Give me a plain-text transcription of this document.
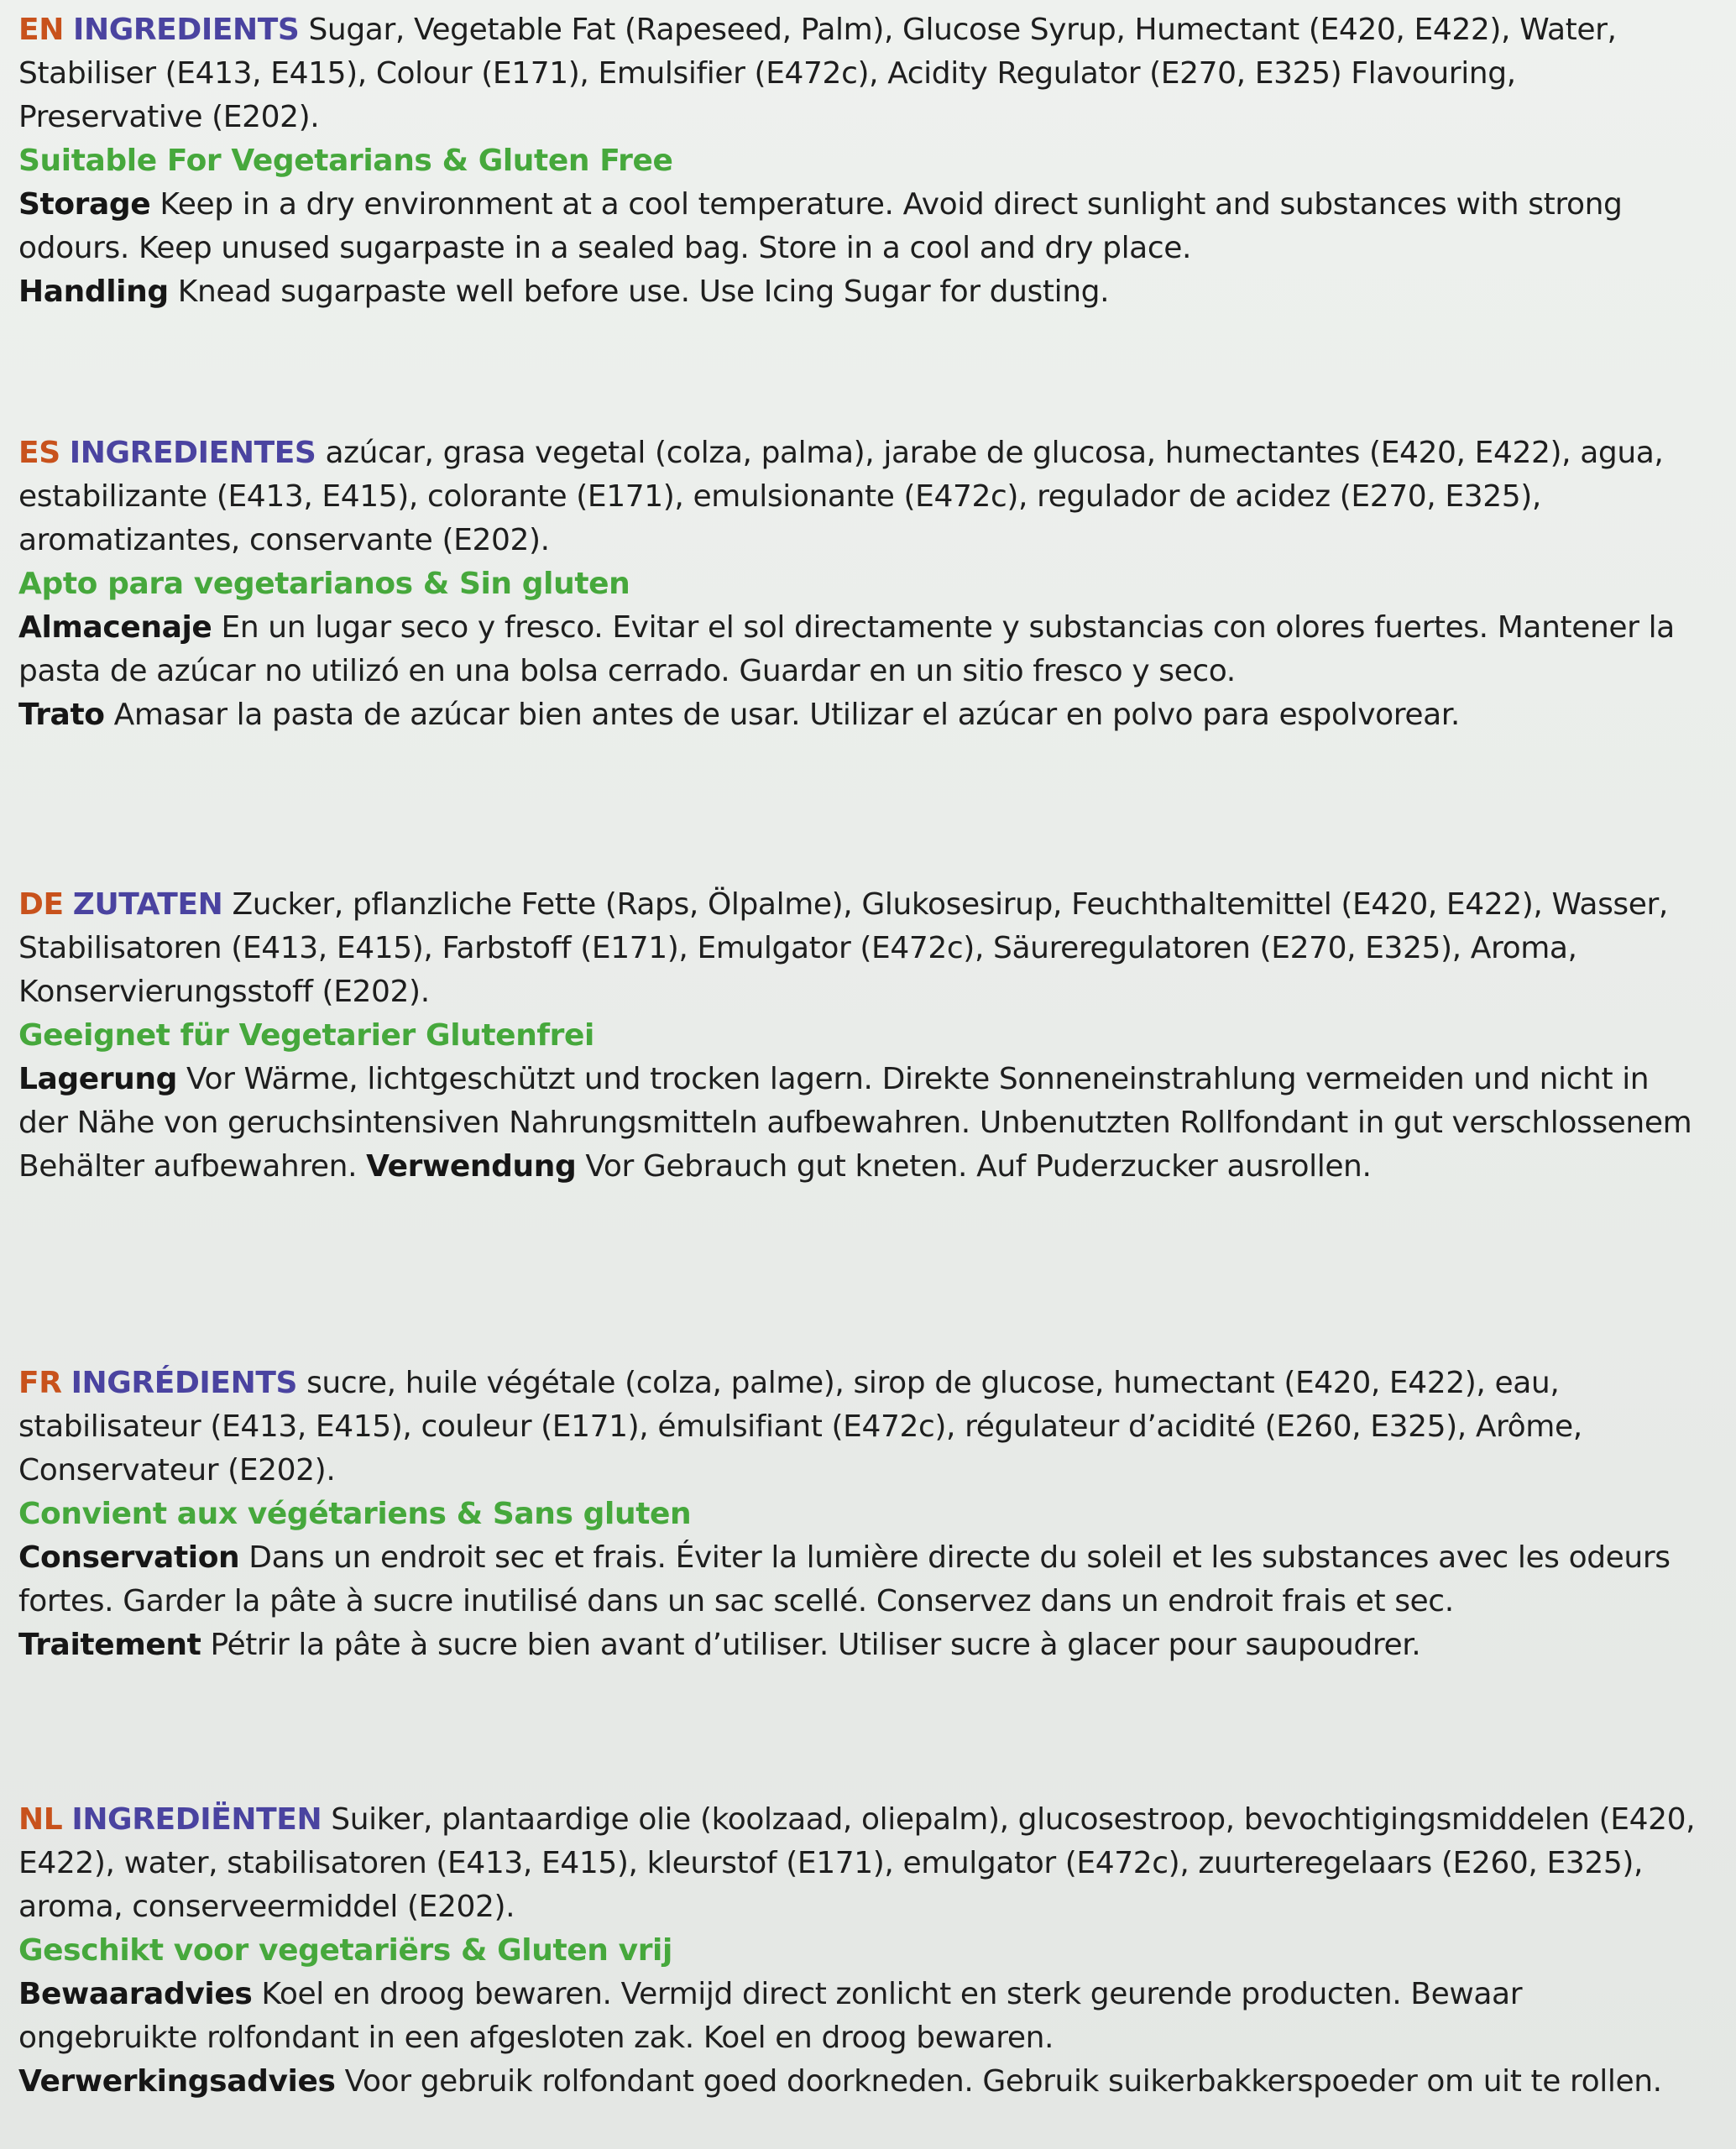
EN INGREDIENTS Sugar, Vegetable Fat (Rapeseed, Palm), Glucose Syrup, Humectant (E420, E422), Water, Stabiliser (E413, E415), Colour (E171), Emulsifier (E472c), Acidity Regulator (E270, E325) Flavouring, Preservative (E202).

Suitable For Vegetarians & Gluten Free

Storage Keep in a dry environment at a cool temperature. Avoid direct sunlight and substances with strong odours. Keep unused sugarpaste in a sealed bag. Store in a cool and dry place.

Handling Knead sugarpaste well before use. Use Icing Sugar for dusting.

ES INGREDIENTES azúcar, grasa vegetal (colza, palma), jarabe de glucosa, humectantes (E420, E422), agua, estabilizante (E413, E415), colorante (E171), emulsionante (E472c), regulador de acidez (E270, E325), aromatizantes, conservante (E202).

Apto para vegetarianos & Sin gluten

Almacenaje En un lugar seco y fresco. Evitar el sol directamente y substancias con olores fuertes. Mantener la pasta de azúcar no utilizó en una bolsa cerrado. Guardar en un sitio fresco y seco.

Trato Amasar la pasta de azúcar bien antes de usar. Utilizar el azúcar en polvo para espolvorear.

DE ZUTATEN Zucker, pflanzliche Fette (Raps, Ölpalme), Glukosesirup, Feuchthaltemittel (E420, E422), Wasser, Stabilisatoren (E413, E415), Farbstoff (E171), Emulgator (E472c), Säureregulatoren (E270, E325), Aroma, Konservierungsstoff (E202).

Geeignet für Vegetarier Glutenfrei

Lagerung Vor Wärme, lichtgeschützt und trocken lagern. Direkte Sonneneinstrahlung vermeiden und nicht in der Nähe von geruchsintensiven Nahrungsmitteln aufbewahren. Unbenutzten Rollfondant in gut verschlossenem Behälter aufbewahren. Verwendung Vor Gebrauch gut kneten. Auf Puderzucker ausrollen.

FR INGRÉDIENTS sucre, huile végétale (colza, palme), sirop de glucose, humectant (E420, E422), eau, stabilisateur (E413, E415), couleur (E171), émulsifiant (E472c), régulateur d’acidité (E260, E325), Arôme, Conservateur (E202).

Convient aux végétariens & Sans gluten

Conservation Dans un endroit sec et frais. Éviter la lumière directe du soleil et les substances avec les odeurs fortes. Garder la pâte à sucre inutilisé dans un sac scellé. Conservez dans un endroit frais et sec.

Traitement Pétrir la pâte à sucre bien avant d’utiliser. Utiliser sucre à glacer pour saupoudrer.

NL INGREDIËNTEN Suiker, plantaardige olie (koolzaad, oliepalm), glucosestroop, bevochtigingsmiddelen (E420, E422), water, stabilisatoren (E413, E415), kleurstof (E171), emulgator (E472c), zuurteregelaars (E260, E325), aroma, conserveermiddel (E202).

Geschikt voor vegetariërs & Gluten vrij

Bewaaradvies Koel en droog bewaren. Vermijd direct zonlicht en sterk geurende producten. Bewaar ongebruikte rolfondant in een afgesloten zak. Koel en droog bewaren.

Verwerkingsadvies Voor gebruik rolfondant goed doorkneden. Gebruik suikerbakkerspoeder om uit te rollen.
